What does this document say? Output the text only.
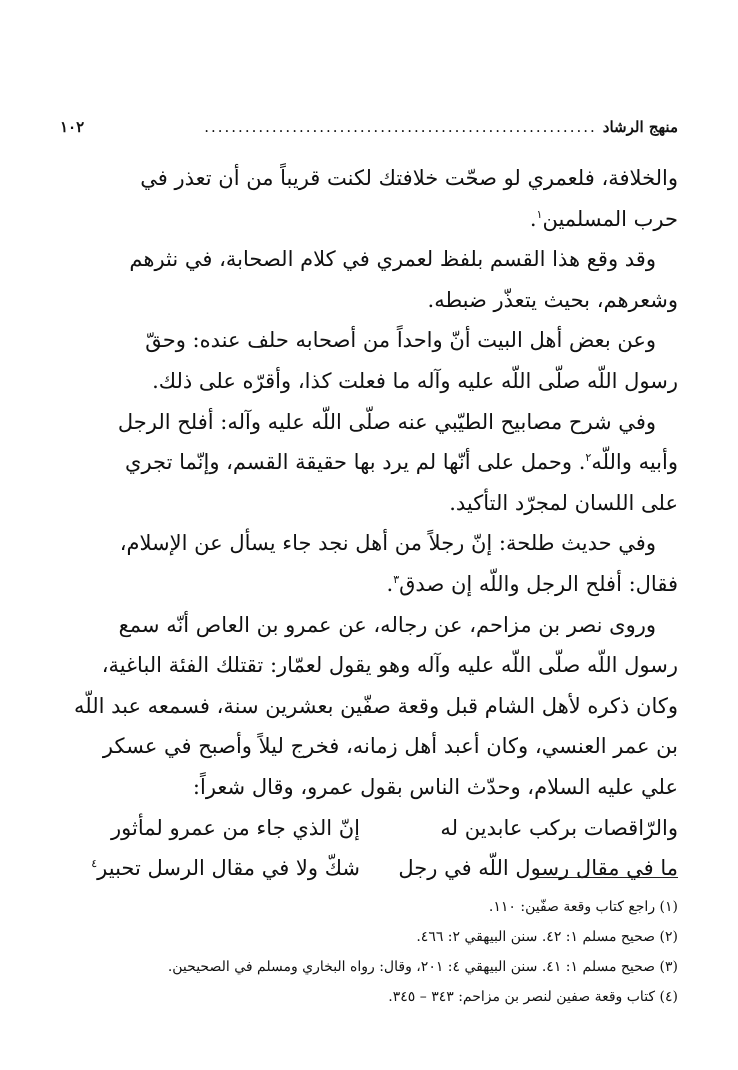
منهج الرشاد
..........................................................
١٠٢
والخلافة، فلعمري لو صحّت خلافتك لكنت قريباً من أن تعذر في
حرب المسلمين$^١$.
وقد وقع هذا القسم بلفظ لعمري في كلام الصحابة، في نثرهم
وشعرهم، بحيث يتعذّر ضبطه.
وعن بعض أهل البيت أنّ واحداً من أصحابه حلف عنده: وحقّ
رسول اللّه صلّى اللّه عليه وآله ما فعلت كذا، وأقرّه على ذلك.
وفي شرح مصابيح الطيّبي عنه صلّى اللّه عليه وآله: أفلح الرجل
وأبيه واللّه$^٢$. وحمل على أنّها لم يرد بها حقيقة القسم، وإنّما تجري
على اللسان لمجرّد التأكيد.
وفي حديث طلحة: إنّ رجلاً من أهل نجد جاء يسأل عن الإسلام،
فقال: أفلح الرجل واللّه إن صدق$^٣$.
وروى نصر بن مزاحم، عن رجاله، عن عمرو بن العاص أنّه سمع
رسول اللّه صلّى اللّه عليه وآله وهو يقول لعمّار: تقتلك الفئة الباغية،
وكان ذكره لأهل الشام قبل وقعة صفّين بعشرين سنة، فسمعه عبد اللّه
بن عمر العنسي، وكان أعبد أهل زمانه، فخرج ليلاً وأصبح في عسكر
علي عليه السلام، وحدّث الناس بقول عمرو، وقال شعراً:
والرّاقصات بركب عابدين له
إنّ الذي جاء من عمرو لمأثور
ما في مقال رسول اللّه في رجل
شكّ ولا في مقال الرسل تحبير$^٤$
(١) راجع كتاب وقعة صفّين: ١١٠.
(٢) صحيح مسلم ١: ٤٢. سنن البيهقي ٢: ٤٦٦.
(٣) صحيح مسلم ١: ٤١. سنن البيهقي ٤: ٢٠١، وقال: رواه البخاري ومسلم في الصحيحين.
(٤) كتاب وقعة صفين لنصر بن مزاحم: ٣٤٣ – ٣٤٥.
